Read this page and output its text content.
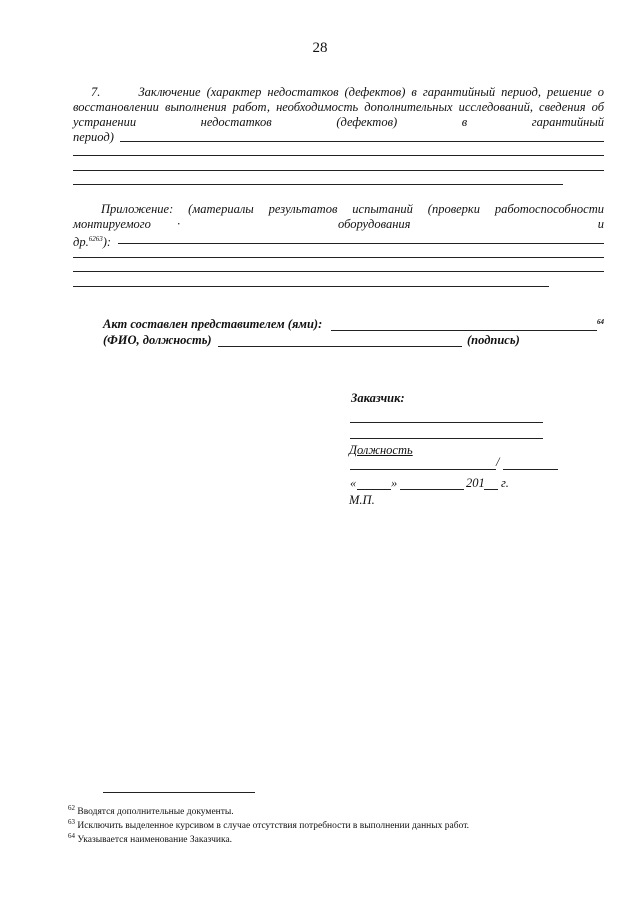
28
7.	Заключение (характер недостатков (дефектов) в гарантийный период, решение о
восстановлении выполнения работ, необходимость дополнительных исследований, сведения об
устранении	недостатков	(дефектов)	в	гарантийный
период)
Приложение: (материалы результатов испытаний (проверки работоспособности
монтируемого ·	оборудования	и
др.$^{6263}$):
Акт составлен представителем (ями):	64
(ФИО, должность)	(подпись)
Заказчик:
Должность
/
«	»	201 г.
М.П.
$^{62}$ Вводятся дополнительные документы.
$^{63}$ Исключить выделенное курсивом в случае отсутствия потребности в выполнении данных работ.
$^{64}$ Указывается наименование Заказчика.
